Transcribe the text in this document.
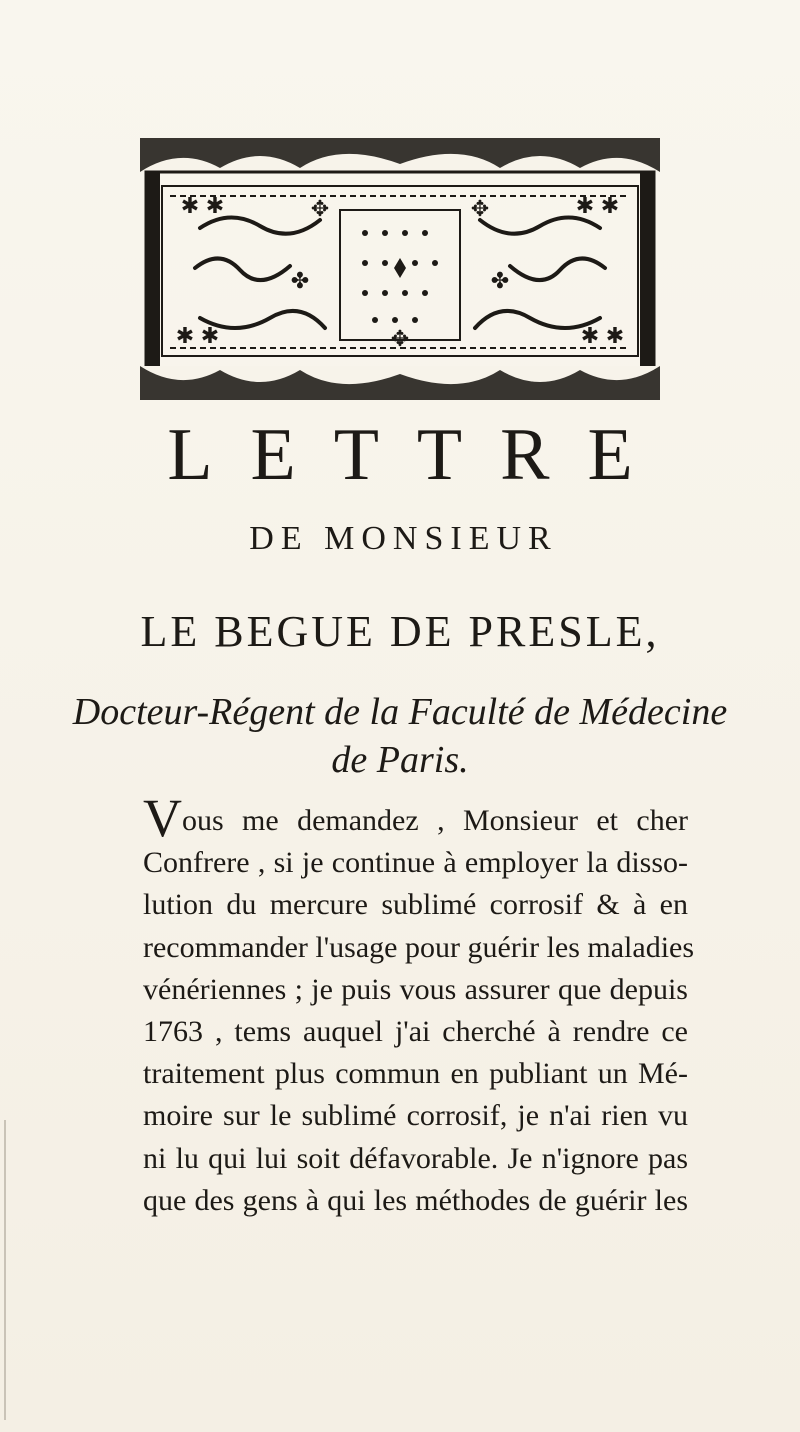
✱ ✱
✱ ✱
✱ ✱
✱ ✱
✤	✤
✥	✥
✥
LETTRE
DE MONSIEUR
LE BEGUE DE PRESLE,
Docteur-Régent de la Faculté de Médecine
de Paris.
Vous me demandez , Monsieur et cher
Confrere , si je continue à employer la disso-
lution du mercure sublimé corrosif & à en
recommander l'usage pour guérir les maladies
vénériennes ; je puis vous assurer que depuis
1763 , tems auquel j'ai cherché à rendre ce
traitement plus commun en publiant un Mé-
moire sur le sublimé corrosif, je n'ai rien vu
ni lu qui lui soit défavorable. Je n'ignore pas
que des gens à qui les méthodes de guérir les
